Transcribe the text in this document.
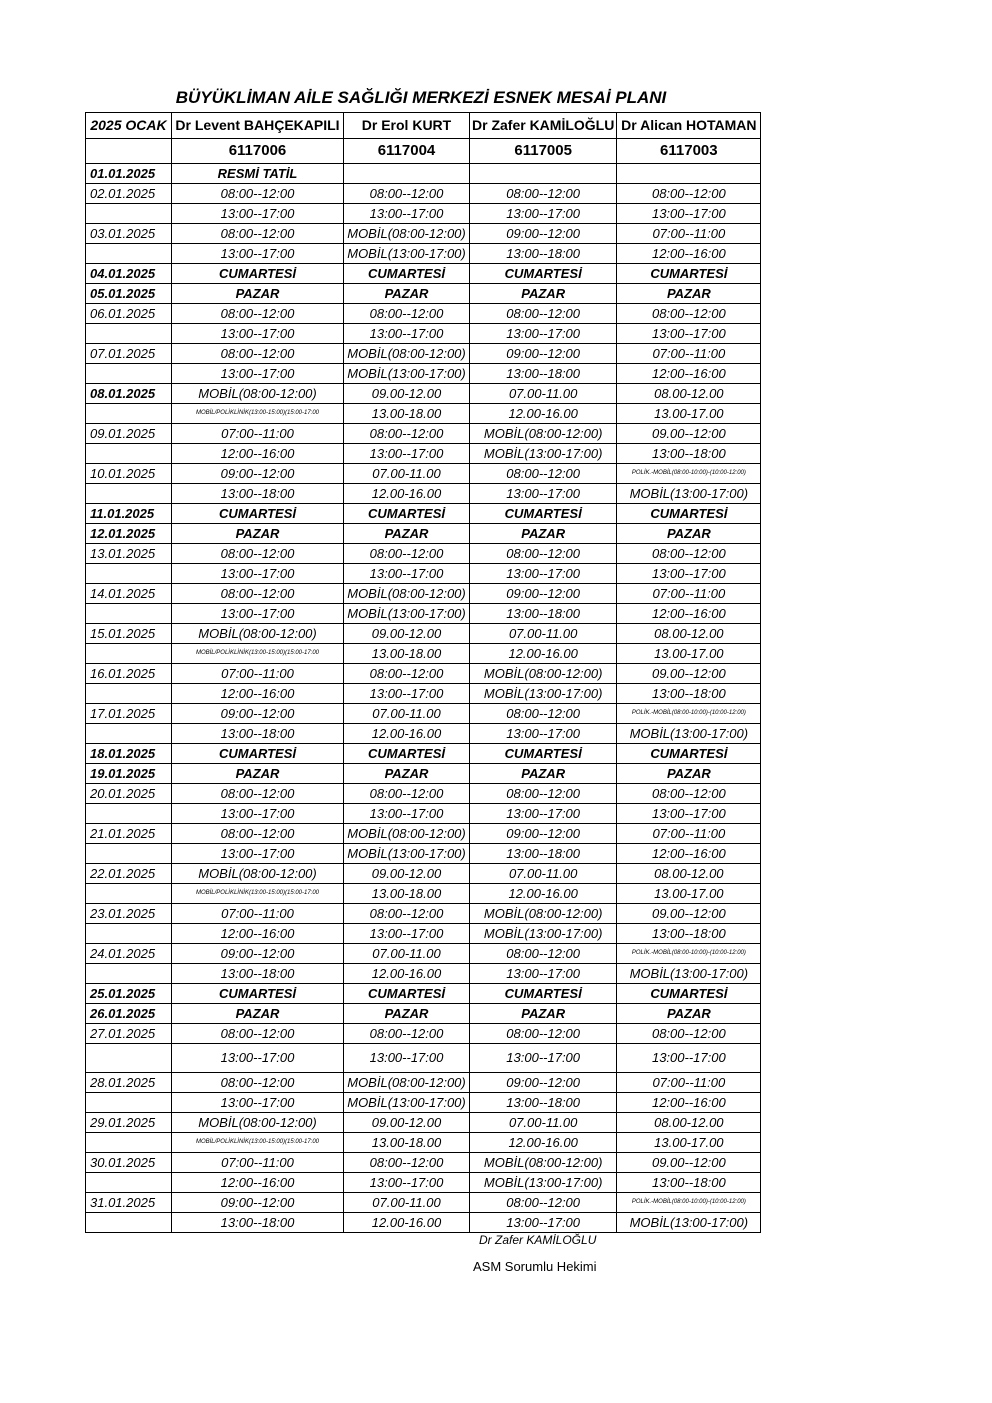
BÜYÜKLİMAN AİLE SAĞLIĞI MERKEZİ ESNEK MESAİ PLANI
2025 OCAK	Dr Levent BAHÇEKAPILI	Dr Erol KURT	Dr Zafer KAMİLOĞLU	Dr Alican HOTAMAN
	6117006	6117004	6117005	6117003
01.01.2025	RESMİ TATİL			
02.01.2025	08:00--12:00	08:00--12:00	08:00--12:00	08:00--12:00
	13:00--17:00	13:00--17:00	13:00--17:00	13:00--17:00
03.01.2025	08:00--12:00	MOBİL(08:00-12:00)	09:00--12:00	07:00--11:00
	13:00--17:00	MOBİL(13:00-17:00)	13:00--18:00	12:00--16:00
04.01.2025	CUMARTESİ	CUMARTESİ	CUMARTESİ	CUMARTESİ
05.01.2025	PAZAR	PAZAR	PAZAR	PAZAR
06.01.2025	08:00--12:00	08:00--12:00	08:00--12:00	08:00--12:00
	13:00--17:00	13:00--17:00	13:00--17:00	13:00--17:00
07.01.2025	08:00--12:00	MOBİL(08:00-12:00)	09:00--12:00	07:00--11:00
	13:00--17:00	MOBİL(13:00-17:00)	13:00--18:00	12:00--16:00
08.01.2025	MOBİL(08:00-12:00)	09.00-12.00	07.00-11.00	08.00-12.00
	MOBİL/POLİKLİNİK(13:00-15:00)(15:00-17:00	13.00-18.00	12.00-16.00	13.00-17.00
09.01.2025	07:00--11:00	08:00--12:00	MOBİL(08:00-12:00)	09.00--12:00
	12:00--16:00	13:00--17:00	MOBİL(13:00-17:00)	13:00--18:00
10.01.2025	09:00--12:00	07.00-11.00	08:00--12:00	POLİK.-MOBİL(08:00-10:00)-(10:00-12:00)
	13:00--18:00	12.00-16.00	13:00--17:00	MOBİL(13:00-17:00)
11.01.2025	CUMARTESİ	CUMARTESİ	CUMARTESİ	CUMARTESİ
12.01.2025	PAZAR	PAZAR	PAZAR	PAZAR
13.01.2025	08:00--12:00	08:00--12:00	08:00--12:00	08:00--12:00
	13:00--17:00	13:00--17:00	13:00--17:00	13:00--17:00
14.01.2025	08:00--12:00	MOBİL(08:00-12:00)	09:00--12:00	07:00--11:00
	13:00--17:00	MOBİL(13:00-17:00)	13:00--18:00	12:00--16:00
15.01.2025	MOBİL(08:00-12:00)	09.00-12.00	07.00-11.00	08.00-12.00
	MOBİL/POLİKLİNİK(13:00-15:00)(15:00-17:00	13.00-18.00	12.00-16.00	13.00-17.00
16.01.2025	07:00--11:00	08:00--12:00	MOBİL(08:00-12:00)	09.00--12:00
	12:00--16:00	13:00--17:00	MOBİL(13:00-17:00)	13:00--18:00
17.01.2025	09:00--12:00	07.00-11.00	08:00--12:00	POLİK.-MOBİL(08:00-10:00)-(10:00-12:00)
	13:00--18:00	12.00-16.00	13:00--17:00	MOBİL(13:00-17:00)
18.01.2025	CUMARTESİ	CUMARTESİ	CUMARTESİ	CUMARTESİ
19.01.2025	PAZAR	PAZAR	PAZAR	PAZAR
20.01.2025	08:00--12:00	08:00--12:00	08:00--12:00	08:00--12:00
	13:00--17:00	13:00--17:00	13:00--17:00	13:00--17:00
21.01.2025	08:00--12:00	MOBİL(08:00-12:00)	09:00--12:00	07:00--11:00
	13:00--17:00	MOBİL(13:00-17:00)	13:00--18:00	12:00--16:00
22.01.2025	MOBİL(08:00-12:00)	09.00-12.00	07.00-11.00	08.00-12.00
	MOBİL/POLİKLİNİK(13:00-15:00)(15:00-17:00	13.00-18.00	12.00-16.00	13.00-17.00
23.01.2025	07:00--11:00	08:00--12:00	MOBİL(08:00-12:00)	09.00--12:00
	12:00--16:00	13:00--17:00	MOBİL(13:00-17:00)	13:00--18:00
24.01.2025	09:00--12:00	07.00-11.00	08:00--12:00	POLİK.-MOBİL(08:00-10:00)-(10:00-12:00)
	13:00--18:00	12.00-16.00	13:00--17:00	MOBİL(13:00-17:00)
25.01.2025	CUMARTESİ	CUMARTESİ	CUMARTESİ	CUMARTESİ
26.01.2025	PAZAR	PAZAR	PAZAR	PAZAR
27.01.2025	08:00--12:00	08:00--12:00	08:00--12:00	08:00--12:00
	13:00--17:00	13:00--17:00	13:00--17:00	13:00--17:00
28.01.2025	08:00--12:00	MOBİL(08:00-12:00)	09:00--12:00	07:00--11:00
	13:00--17:00	MOBİL(13:00-17:00)	13:00--18:00	12:00--16:00
29.01.2025	MOBİL(08:00-12:00)	09.00-12.00	07.00-11.00	08.00-12.00
	MOBİL/POLİKLİNİK(13:00-15:00)(15:00-17:00	13.00-18.00	12.00-16.00	13.00-17.00
30.01.2025	07:00--11:00	08:00--12:00	MOBİL(08:00-12:00)	09.00--12:00
	12:00--16:00	13:00--17:00	MOBİL(13:00-17:00)	13:00--18:00
31.01.2025	09:00--12:00	07.00-11.00	08:00--12:00	POLİK.-MOBİL(08:00-10:00)-(10:00-12:00)
	13:00--18:00	12.00-16.00	13:00--17:00	MOBİL(13:00-17:00)
Dr Zafer KAMİLOĞLU
ASM Sorumlu Hekimi
